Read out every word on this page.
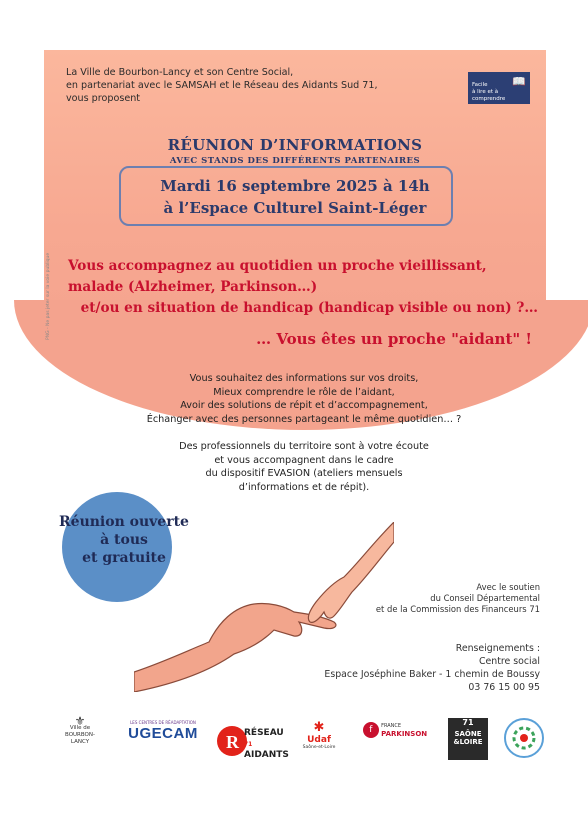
La Ville de Bourbon-Lancy et son Centre Social,
en partenariat avec le SAMSAH et le Réseau des Aidants Sud 71,
vous proposent

Facile
à lire et à
comprendre

📖

RÉUNION D’INFORMATIONS
AVEC STANDS DES DIFFÉRENTS PARTENAIRES
Mardi 16 septembre 2025 à 14h
à l’Espace Culturel Saint-Léger
Vous accompagnez au quotidien un proche vieillissant,
malade (Alzheimer, Parkinson…)
et/ou en situation de handicap (handicap visible ou non) ?…
… Vous êtes un proche "aidant" !
PNG - Ne pas jeter sur la voie publique
Vous souhaitez des informations sur vos droits,
Mieux comprendre le rôle de l’aidant,
Avoir des solutions de répit et d’accompagnement,
Échanger avec des personnes partageant le même quotidien… ?
Des professionnels du territoire sont à votre écoute
et vous accompagnent dans le cadre
du dispositif EVASION (ateliers mensuels
d’informations et de répit).
Réunion ouverte
à tous
et gratuite
Avec le soutien
du Conseil Départemental
et de la Commission des Financeurs 71
Renseignements :
Centre social
Espace Joséphine Baker - 1 chemin de Boussy
03 76 15 00 95
⚜
Ville de
BOURBON-LANCY
LES CENTRES DE RÉADAPTATION
UGECAM	R RÉSEAU
71
AIDANTS
✱
Udaf
Saône-et-Loire
f FRANCE
PARKINSON
71
SAÔNE
&LOIRE
